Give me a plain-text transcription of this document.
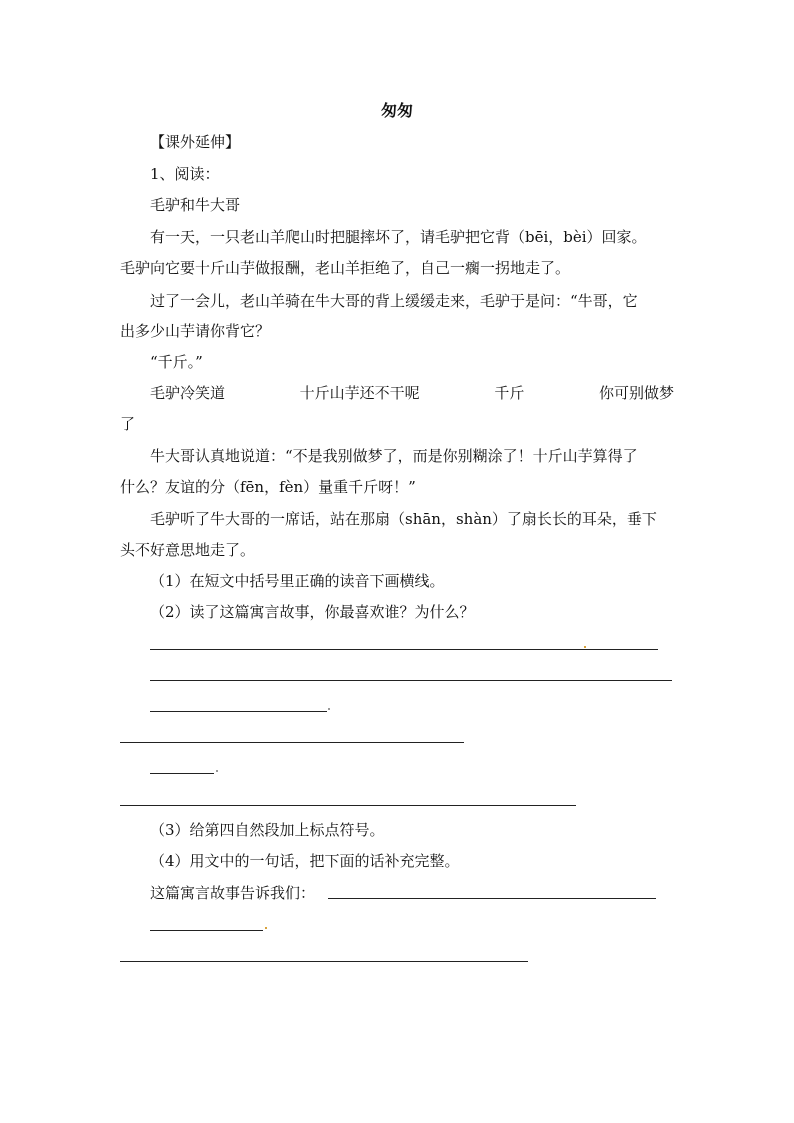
匆匆
【课外延伸】
1、阅读：
毛驴和牛大哥
有一天，一只老山羊爬山时把腿摔坏了，请毛驴把它背（bēi，bèi）回家。
毛驴向它要十斤山芋做报酬，老山羊拒绝了，自己一瘸一拐地走了。
过了一会儿，老山羊骑在牛大哥的背上缓缓走来，毛驴于是问：“牛哥，它
出多少山芋请你背它？
“千斤。”
毛驴冷笑道	十斤山芋还不干呢	千斤	你可别做梦
了
牛大哥认真地说道：“不是我别做梦了，而是你别糊涂了！十斤山芋算得了
什么？友谊的分（fēn，fèn）量重千斤呀！”
毛驴听了牛大哥的一席话，站在那扇（shān，shàn）了扇长长的耳朵，垂下
头不好意思地走了。
（1）在短文中括号里正确的读音下画横线。
（2）读了这篇寓言故事，你最喜欢谁？为什么？
（3）给第四自然段加上标点符号。
（4）用文中的一句话，把下面的话补充完整。
这篇寓言故事告诉我们：
